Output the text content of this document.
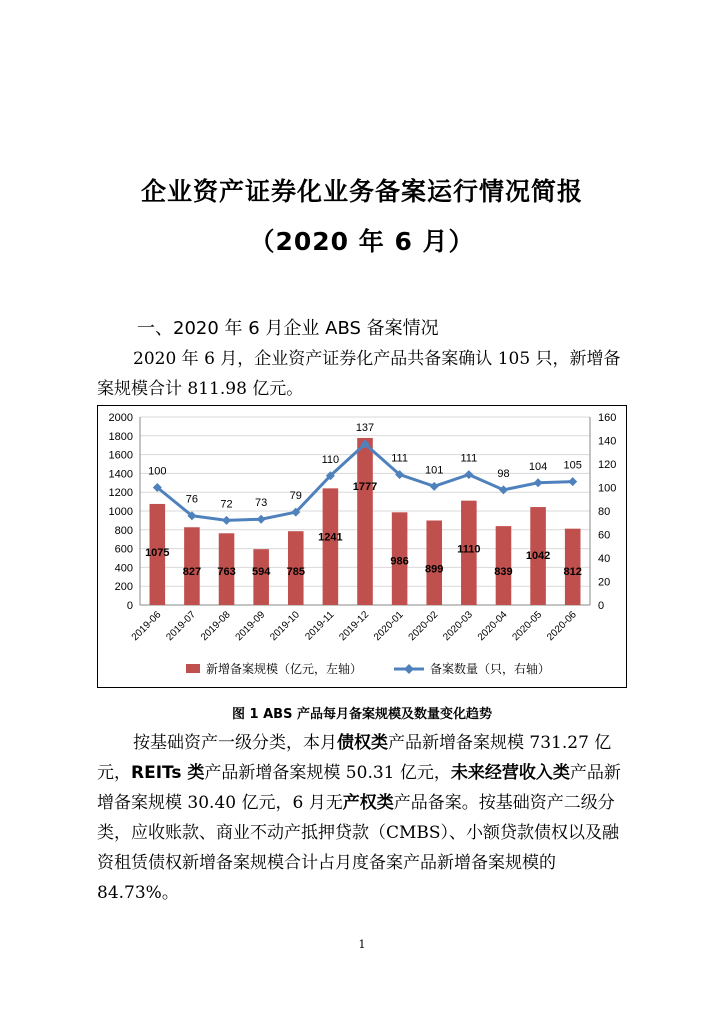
企业资产证券化业务备案运行情况简报
（2020 年 6 月）
一、2020 年 6 月企业 ABS 备案情况

2020 年 6 月，企业资产证券化产品共备案确认 105 只，新增备案规模合计 811.98 亿元。

0
200
400
600
800
1000
1200
1400
1600
1800
2000
0
20
40
60
80
100
120
140
160
1075
827 763 594 785
1241
1777
986
899
1110
839
1042
812
100
76 72 73
79
110
137
111
101
111
98
104 105
2019-06 2019-07 2019-08 2019-09 2019-10 2019-11 2019-12 2020-01 2020-02 2020-03 2020-04 2020-05 2020-06
新增备案规模（亿元，左轴）	备案数量（只，右轴）
图 1 ABS 产品每月备案规模及数量变化趋势

按基础资产一级分类，本月债权类产品新增备案规模 731.27 亿元，REITs 类产品新增备案规模 50.31 亿元，未来经营收入类产品新增备案规模 30.40 亿元，6 月无产权类产品备案。按基础资产二级分类，应收账款、商业不动产抵押贷款（CMBS）、小额贷款债权以及融资租赁债权新增备案规模合计占月度备案产品新增备案规模的 84.73%。

1
